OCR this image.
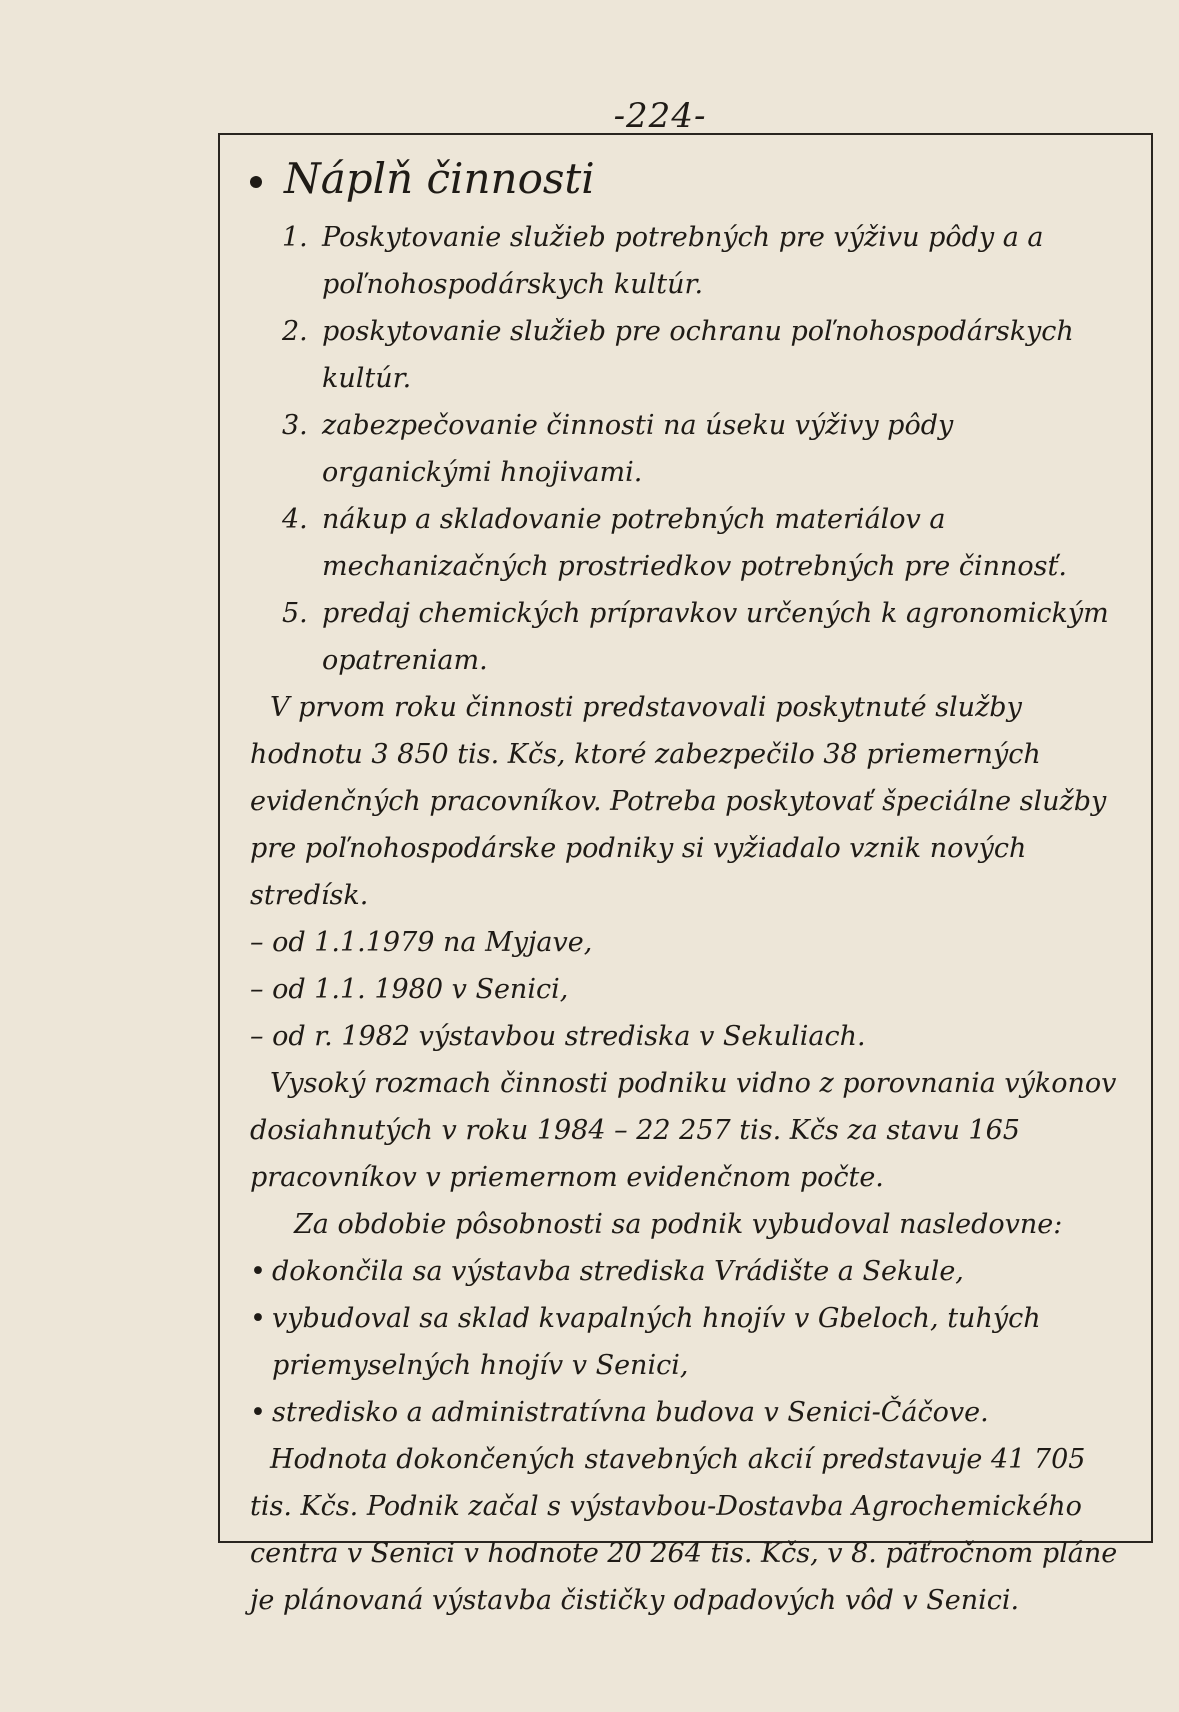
-224-
Náplň činnosti
1. Poskytovanie služieb potrebných pre výživu pôdy a a poľnohospodárskych kultúr.
2. poskytovanie služieb pre ochranu poľnohospodárskych kultúr.
3. zabezpečovanie činnosti na úseku výživy pôdy organickými hnojivami.
4. nákup a skladovanie potrebných materiálov a mechanizačných prostriedkov potrebných pre činnosť.
5. predaj chemických prípravkov určených k agronomickým opatreniam.

V prvom roku činnosti predstavovali poskytnuté služby hodnotu 3 850 tis. Kčs, ktoré zabezpečilo 38 priemerných evidenčných pracovníkov. Potreba poskytovať špeciálne služby pre poľnohospodárske podniky si vyžiadalo vznik nových stredísk.

– od 1.1.1979 na Myjave,
– od 1.1. 1980 v Senici,
– od r. 1982 výstavbou strediska v Sekuliach.

Vysoký rozmach činnosti podniku vidno z porovnania výkonov dosiahnutých v roku 1984 – 22 257 tis. Kčs za stavu 165 pracovníkov v priemernom evidenčnom počte.

Za obdobie pôsobnosti sa podnik vybudoval nasledovne:

• dokončila sa výstavba strediska Vrádište a Sekule,
• vybudoval sa sklad kvapalných hnojív v Gbeloch, tuhých priemyselných hnojív v Senici,
• stredisko a administratívna budova v Senici-Čáčove.

Hodnota dokončených stavebných akcií predstavuje 41 705 tis. Kčs. Podnik začal s výstavbou-Dostavba Agrochemického centra v Senici v hodnote 20 264 tis. Kčs, v 8. päťročnom pláne je plánovaná výstavba čističky odpadových vôd v Senici.
